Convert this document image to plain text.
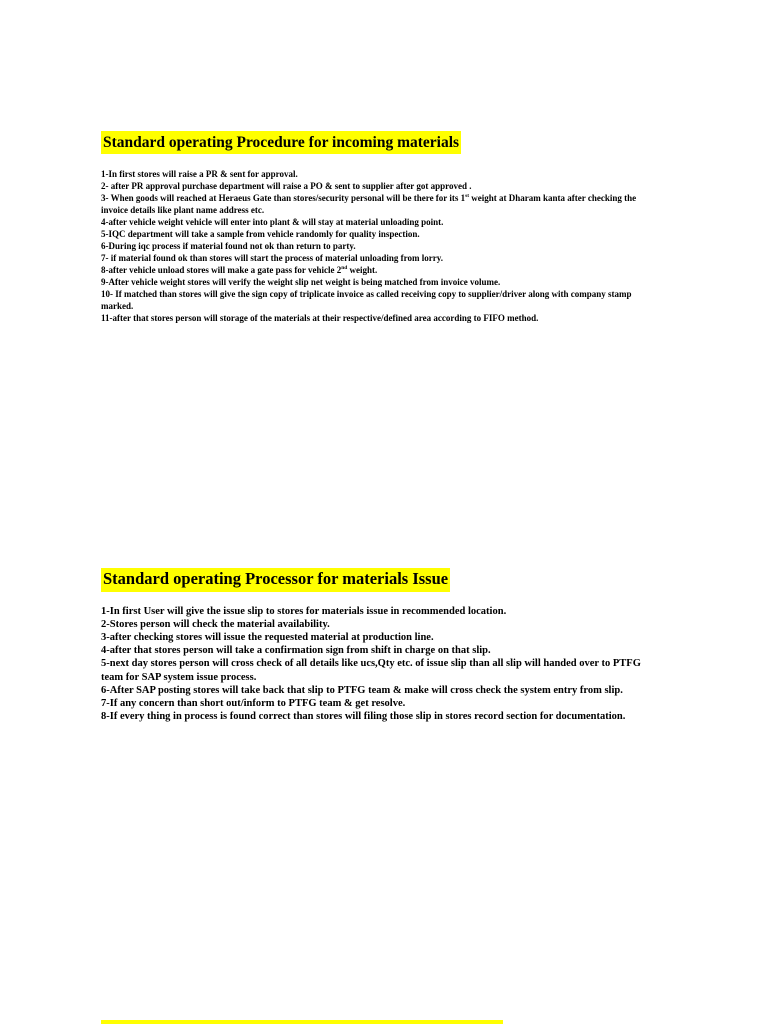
Standard operating Procedure for incoming materials
1-In first stores will raise a PR & sent for approval.
2- after PR approval purchase department will raise a PO & sent to supplier after got approved .
3- When goods will reached at Heraeus Gate than stores/security personal will be there for its 1st weight at Dharam kanta after checking the invoice details like plant name address etc.
4-after vehicle weight vehicle will enter into plant & will stay at material unloading point.
5-IQC department will take a sample from vehicle randomly for quality inspection.
6-During iqc process if material found not ok than return to party.
7- if material found ok than stores will start the process of material unloading from lorry.
8-after vehicle unload stores will make a gate pass for vehicle 2nd weight.
9-After vehicle weight stores will verify the weight slip net weight is being matched from invoice volume.
10- If matched than stores will give the sign copy of triplicate invoice as called receiving copy to supplier/driver along with company stamp marked.
11-after that stores person will storage of the materials at their respective/defined area according to FIFO method.
Standard operating Processor for materials Issue
1-In first User will give the issue slip to stores for materials issue in recommended location.
2-Stores person will check the material availability.
3-after checking stores will issue the requested material at production line.
4-after that stores person will take a confirmation sign from shift in charge on that slip.
5-next day stores person will cross check of all details like ucs,Qty etc. of issue slip than all slip will handed over to PTFG team for SAP system issue process.
6-After SAP posting stores will take back that slip to PTFG team & make will cross check the system entry from slip.
7-If any concern than short out/inform to PTFG team & get resolve.
8-If every thing in process is found correct than stores will filing those slip in stores record section for documentation.
